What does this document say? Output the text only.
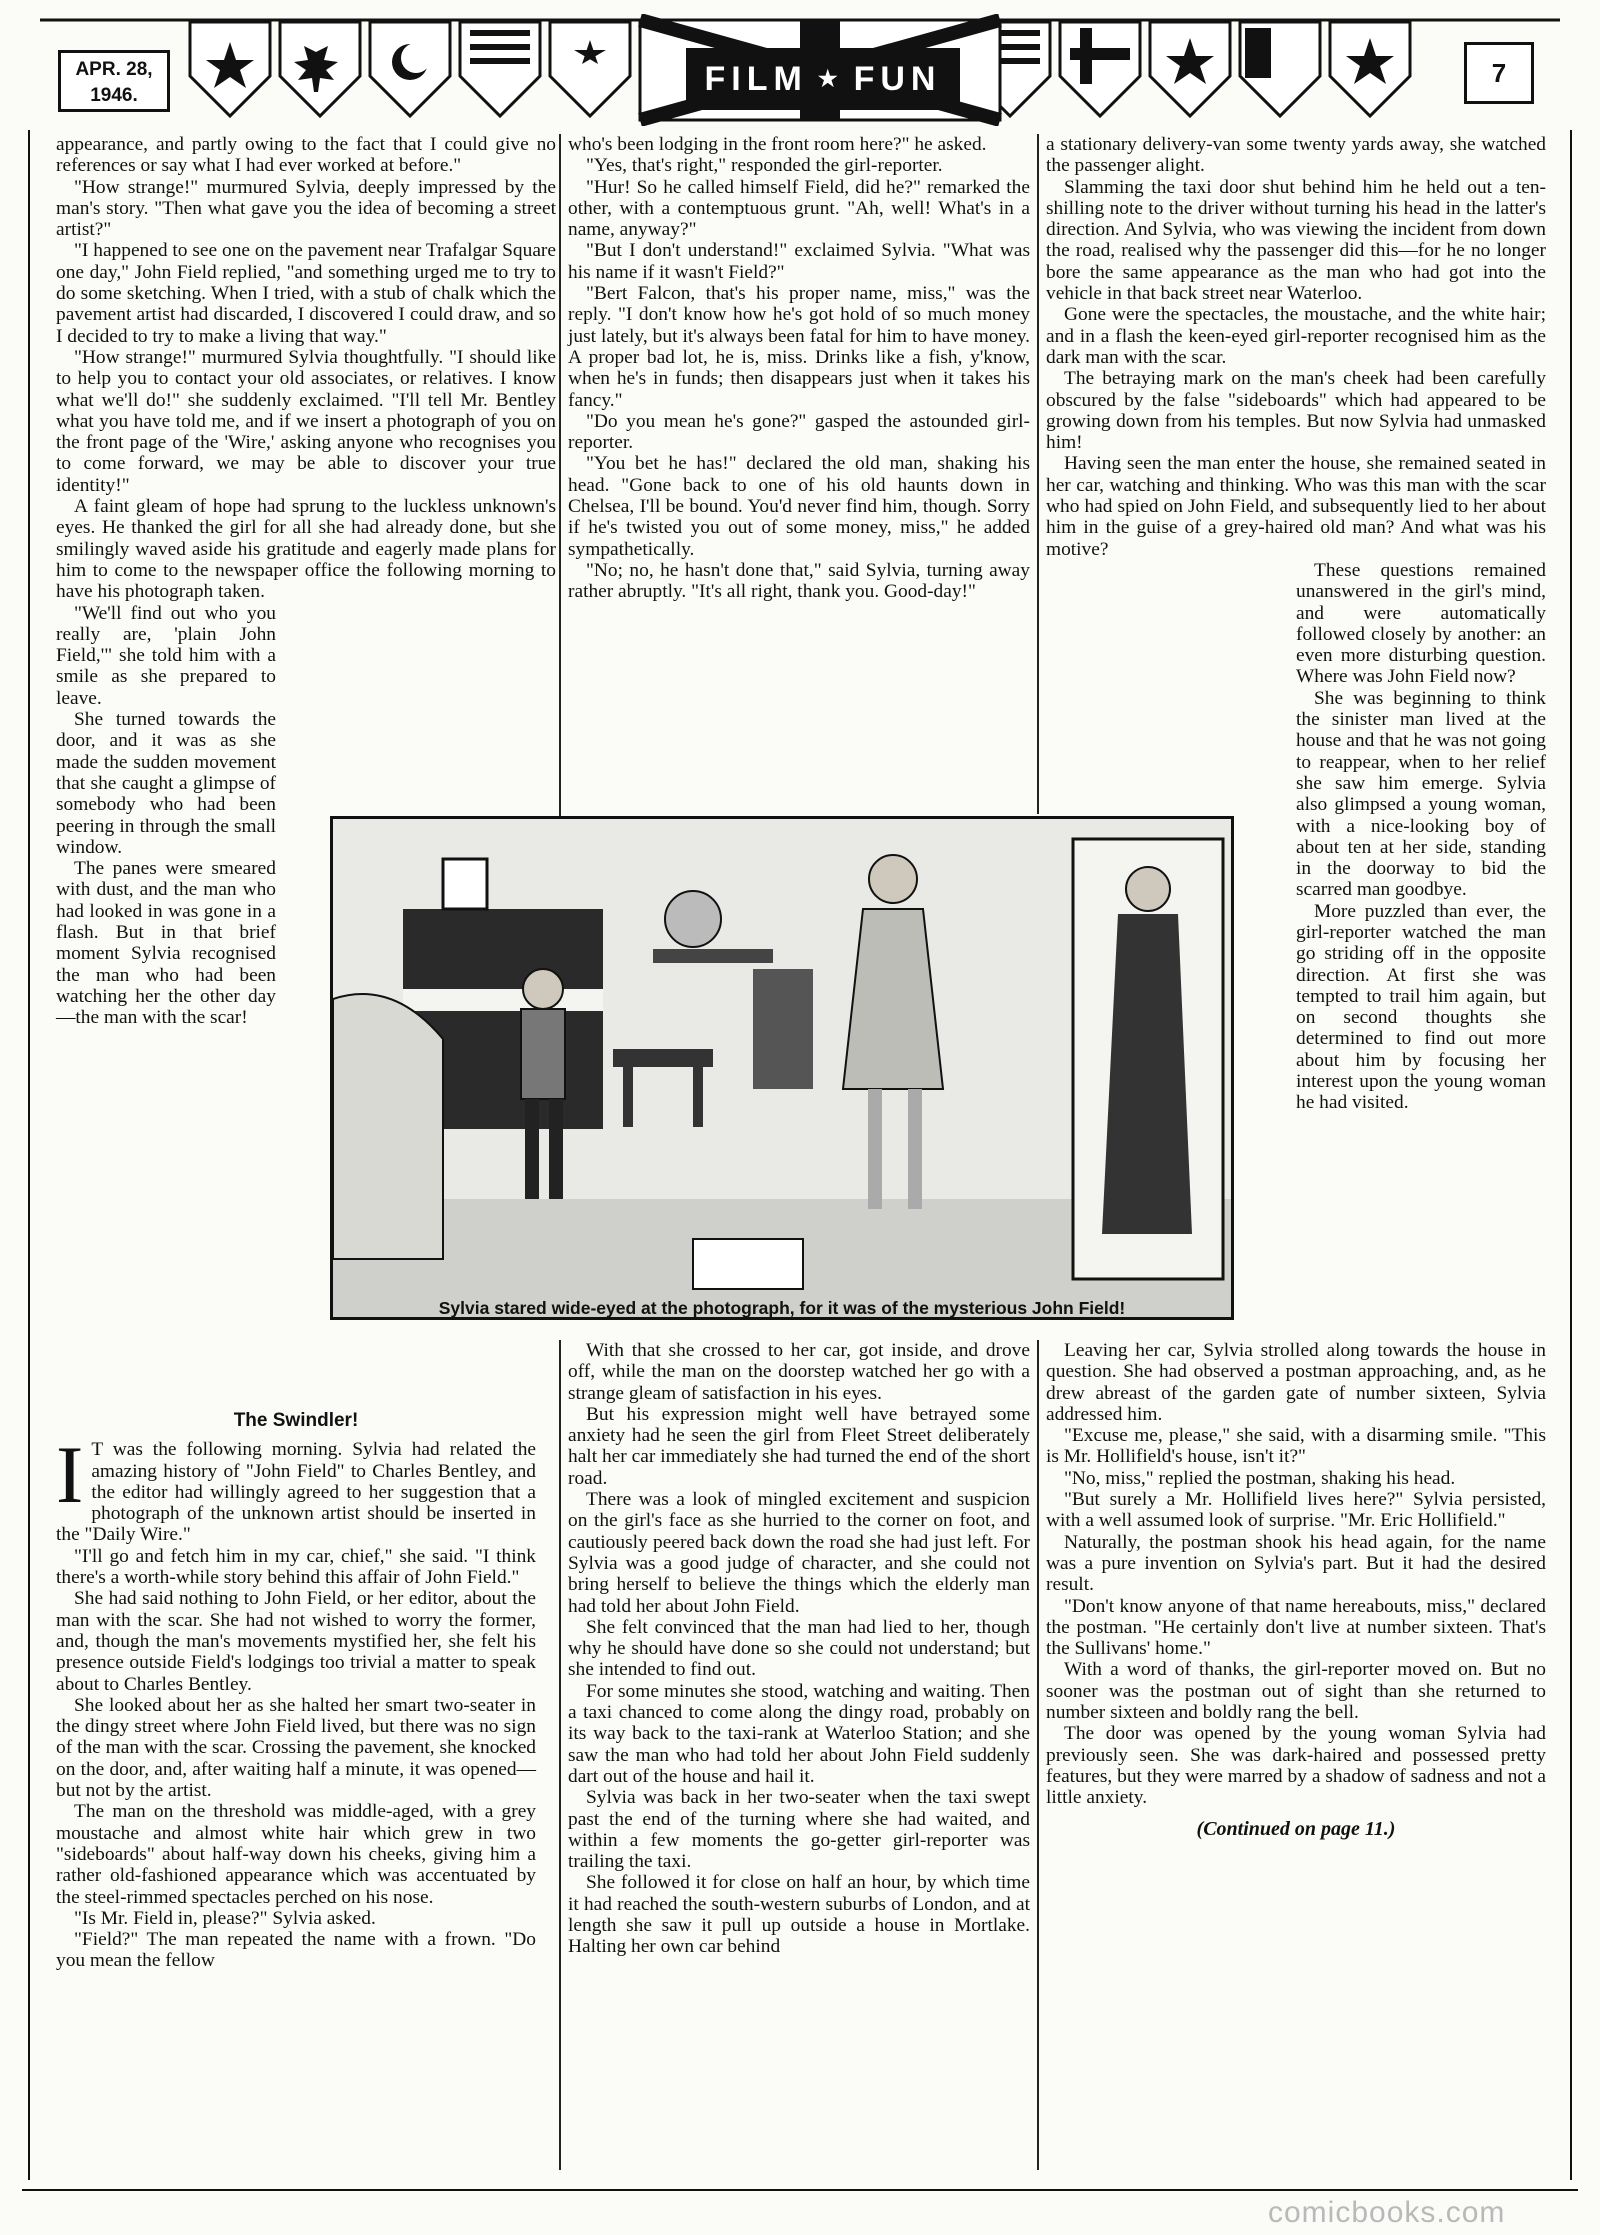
APR. 28,
1946.	FILM ★ FUN	7

appearance, and partly owing to the fact that I could give no references or say what I had ever worked at before."

"How strange!" murmured Sylvia, deeply impressed by the man's story. "Then what gave you the idea of becoming a street artist?"

"I happened to see one on the pavement near Trafalgar Square one day," John Field replied, "and something urged me to try to do some sketching. When I tried, with a stub of chalk which the pavement artist had discarded, I discovered I could draw, and so I decided to try to make a living that way."

"How strange!" murmured Sylvia thoughtfully. "I should like to help you to contact your old associates, or relatives. I know what we'll do!" she suddenly exclaimed. "I'll tell Mr. Bentley what you have told me, and if we insert a photograph of you on the front page of the 'Wire,' asking anyone who recognises you to come forward, we may be able to discover your true identity!"

A faint gleam of hope had sprung to the luckless unknown's eyes. He thanked the girl for all she had already done, but she smilingly waved aside his gratitude and eagerly made plans for him to come to the newspaper office the following morning to have his photograph taken.

"We'll find out who you really are, 'plain John Field,'" she told him with a smile as she prepared to leave.

She turned towards the door, and it was as she made the sudden movement that she caught a glimpse of somebody who had been peering in through the small window.

The panes were smeared with dust, and the man who had looked in was gone in a flash. But in that brief moment Sylvia recognised the man who had been watching her the other day—the man with the scar!

who's been lodging in the front room here?" he asked.

"Yes, that's right," responded the girl-reporter.

"Hur! So he called himself Field, did he?" remarked the other, with a contemptuous grunt. "Ah, well! What's in a name, anyway?"

"But I don't understand!" exclaimed Sylvia. "What was his name if it wasn't Field?"

"Bert Falcon, that's his proper name, miss," was the reply. "I don't know how he's got hold of so much money just lately, but it's always been fatal for him to have money. A proper bad lot, he is, miss. Drinks like a fish, y'know, when he's in funds; then disappears just when it takes his fancy."

"Do you mean he's gone?" gasped the astounded girl-reporter.

"You bet he has!" declared the old man, shaking his head. "Gone back to one of his old haunts down in Chelsea, I'll be bound. You'd never find him, though. Sorry if he's twisted you out of some money, miss," he added sympathetically.

"No; no, he hasn't done that," said Sylvia, turning away rather abruptly. "It's all right, thank you. Good-day!"

a stationary delivery-van some twenty yards away, she watched the passenger alight.

Slamming the taxi door shut behind him he held out a ten-shilling note to the driver without turning his head in the latter's direction. And Sylvia, who was viewing the incident from down the road, realised why the passenger did this—for he no longer bore the same appearance as the man who had got into the vehicle in that back street near Waterloo.

Gone were the spectacles, the moustache, and the white hair; and in a flash the keen-eyed girl-reporter recognised him as the dark man with the scar.

The betraying mark on the man's cheek had been carefully obscured by the false "sideboards" which had appeared to be growing down from his temples. But now Sylvia had unmasked him!

Having seen the man enter the house, she remained seated in her car, watching and thinking. Who was this man with the scar who had spied on John Field, and subsequently lied to her about him in the guise of a grey-haired old man? And what was his motive?

These questions remained unanswered in the girl's mind, and were automatically followed closely by another: an even more disturbing question. Where was John Field now?

She was beginning to think the sinister man lived at the house and that he was not going to reappear, when to her relief she saw him emerge. Sylvia also glimpsed a young woman, with a nice-looking boy of about ten at her side, standing in the doorway to bid the scarred man goodbye.

More puzzled than ever, the girl-reporter watched the man go striding off in the opposite direction. At first she was tempted to trail him again, but on second thoughts she determined to find out more about him by focusing her interest upon the young woman he had visited.

Sylvia stared wide-eyed at the photograph, for it was of the mysterious John Field!
The Swindler!

I T was the following morning. Sylvia had related the amazing history of "John Field" to Charles Bentley, and the editor had willingly agreed to her suggestion that a photograph of the unknown artist should be inserted in the "Daily Wire."

"I'll go and fetch him in my car, chief," she said. "I think there's a worth-while story behind this affair of John Field."

She had said nothing to John Field, or her editor, about the man with the scar. She had not wished to worry the former, and, though the man's movements mystified her, she felt his presence outside Field's lodgings too trivial a matter to speak about to Charles Bentley.

She looked about her as she halted her smart two-seater in the dingy street where John Field lived, but there was no sign of the man with the scar. Crossing the pavement, she knocked on the door, and, after waiting half a minute, it was opened—but not by the artist.

The man on the threshold was middle-aged, with a grey moustache and almost white hair which grew in two "sideboards" about half-way down his cheeks, giving him a rather old-fashioned appearance which was accentuated by the steel-rimmed spectacles perched on his nose.

"Is Mr. Field in, please?" Sylvia asked.

"Field?" The man repeated the name with a frown. "Do you mean the fellow

With that she crossed to her car, got inside, and drove off, while the man on the doorstep watched her go with a strange gleam of satisfaction in his eyes.

But his expression might well have betrayed some anxiety had he seen the girl from Fleet Street deliberately halt her car immediately she had turned the end of the short road.

There was a look of mingled excitement and suspicion on the girl's face as she hurried to the corner on foot, and cautiously peered back down the road she had just left. For Sylvia was a good judge of character, and she could not bring herself to believe the things which the elderly man had told her about John Field.

She felt convinced that the man had lied to her, though why he should have done so she could not understand; but she intended to find out.

For some minutes she stood, watching and waiting. Then a taxi chanced to come along the dingy road, probably on its way back to the taxi-rank at Waterloo Station; and she saw the man who had told her about John Field suddenly dart out of the house and hail it.

Sylvia was back in her two-seater when the taxi swept past the end of the turning where she had waited, and within a few moments the go-getter girl-reporter was trailing the taxi.

She followed it for close on half an hour, by which time it had reached the south-western suburbs of London, and at length she saw it pull up outside a house in Mortlake. Halting her own car behind

Leaving her car, Sylvia strolled along towards the house in question. She had observed a postman approaching, and, as he drew abreast of the garden gate of number sixteen, Sylvia addressed him.

"Excuse me, please," she said, with a disarming smile. "This is Mr. Hollifield's house, isn't it?"

"No, miss," replied the postman, shaking his head.

"But surely a Mr. Hollifield lives here?" Sylvia persisted, with a well assumed look of surprise. "Mr. Eric Hollifield."

Naturally, the postman shook his head again, for the name was a pure invention on Sylvia's part. But it had the desired result.

"Don't know anyone of that name hereabouts, miss," declared the postman. "He certainly don't live at number sixteen. That's the Sullivans' home."

With a word of thanks, the girl-reporter moved on. But no sooner was the postman out of sight than she returned to number sixteen and boldly rang the bell.

The door was opened by the young woman Sylvia had previously seen. She was dark-haired and possessed pretty features, but they were marred by a shadow of sadness and not a little anxiety.

(Continued on page 11.)
comicbooks.com
